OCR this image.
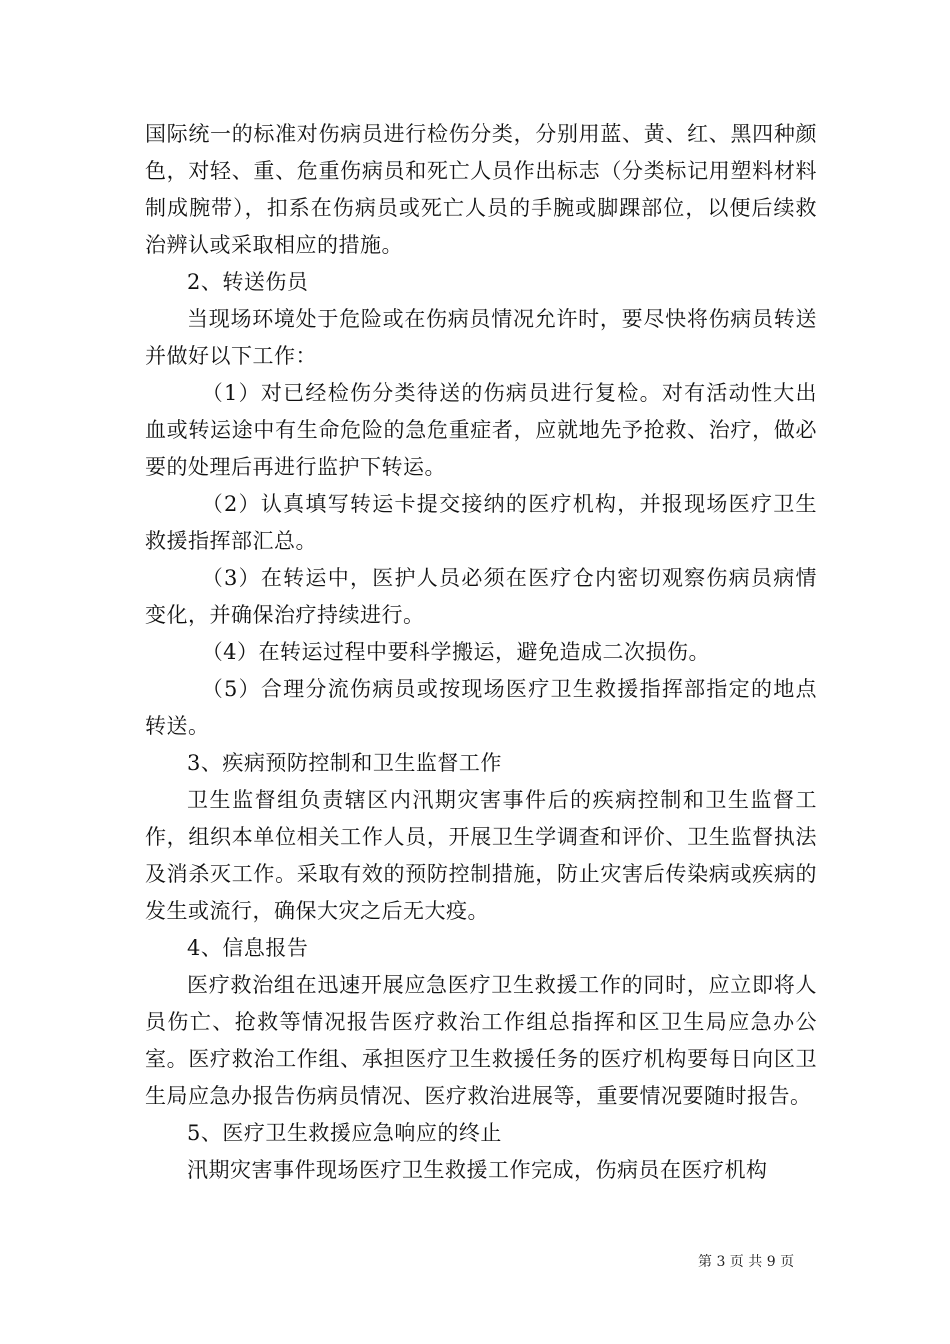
国际统一的标准对伤病员进行检伤分类，分别用蓝、黄、红、黑四种颜色，对轻、重、危重伤病员和死亡人员作出标志（分类标记用塑料材料制成腕带），扣系在伤病员或死亡人员的手腕或脚踝部位，以便后续救治辨认或采取相应的措施。

2、转送伤员

当现场环境处于危险或在伤病员情况允许时，要尽快将伤病员转送并做好以下工作：

（1）对已经检伤分类待送的伤病员进行复检。对有活动性大出血或转运途中有生命危险的急危重症者，应就地先予抢救、治疗，做必要的处理后再进行监护下转运。

（2）认真填写转运卡提交接纳的医疗机构，并报现场医疗卫生救援指挥部汇总。

（3）在转运中，医护人员必须在医疗仓内密切观察伤病员病情变化，并确保治疗持续进行。

（4）在转运过程中要科学搬运，避免造成二次损伤。

（5）合理分流伤病员或按现场医疗卫生救援指挥部指定的地点转送。

3、疾病预防控制和卫生监督工作

卫生监督组负责辖区内汛期灾害事件后的疾病控制和卫生监督工作，组织本单位相关工作人员，开展卫生学调查和评价、卫生监督执法及消杀灭工作。采取有效的预防控制措施，防止灾害后传染病或疾病的发生或流行，确保大灾之后无大疫。

4、信息报告

医疗救治组在迅速开展应急医疗卫生救援工作的同时，应立即将人员伤亡、抢救等情况报告医疗救治工作组总指挥和区卫生局应急办公室。医疗救治工作组、承担医疗卫生救援任务的医疗机构要每日向区卫生局应急办报告伤病员情况、医疗救治进展等，重要情况要随时报告。

5、医疗卫生救援应急响应的终止

汛期灾害事件现场医疗卫生救援工作完成，伤病员在医疗机构

第 3 页 共 9 页
